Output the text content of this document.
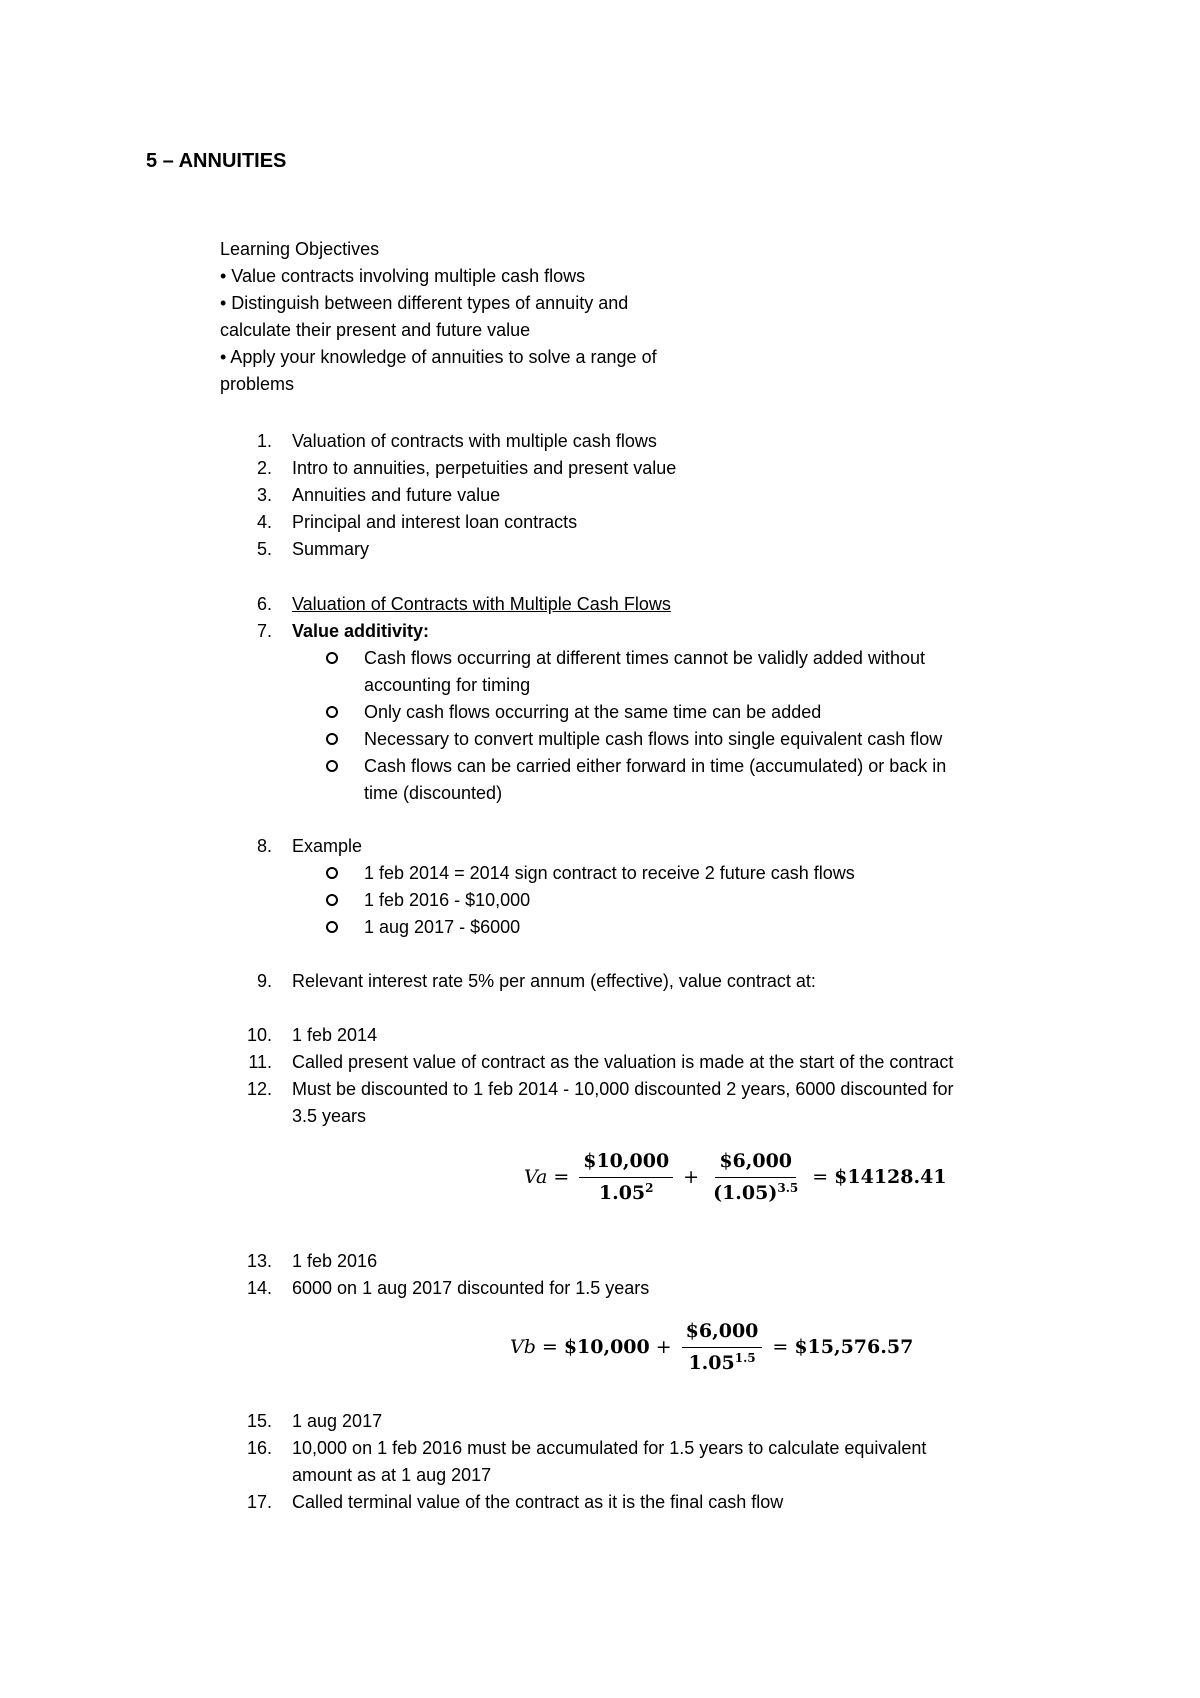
5 – ANNUITIES
Learning Objectives
• Value contracts involving multiple cash flows
• Distinguish between different types of annuity and
calculate their present and future value
• Apply your knowledge of annuities to solve a range of
problems
1. Valuation of contracts with multiple cash flows
2. Intro to annuities, perpetuities and present value
3. Annuities and future value
4. Principal and interest loan contracts
5. Summary
6. Valuation of Contracts with Multiple Cash Flows
7. Value additivity:
Cash flows occurring at different times cannot be validly added without
accounting for timing
Only cash flows occurring at the same time can be added
Necessary to convert multiple cash flows into single equivalent cash flow
Cash flows can be carried either forward in time (accumulated) or back in
time (discounted)
8. Example
1 feb 2014 = 2014 sign contract to receive 2 future cash flows
1 feb 2016 - $10,000
1 aug 2017 - $6000
9. Relevant interest rate 5% per annum (effective), value contract at:
10. 1 feb 2014
11. Called present value of contract as the valuation is made at the start of the contract
12. Must be discounted to 1 feb 2014 - 10,000 discounted 2 years, 6000 discounted for
3.5 years
$Va = \frac{\$10,000}{1.05^2} + \frac{\$6,000}{(1.05)^{3.5}}$ = $14128.41
13. 1 feb 2016
14. 6000 on 1 aug 2017 discounted for 1.5 years
Vb = $10,000 + $\frac{\$6,000}{1.05^{1.5}}$ = $15,576.57
15. 1 aug 2017
16. 10,000 on 1 feb 2016 must be accumulated for 1.5 years to calculate equivalent
amount as at 1 aug 2017
17. Called terminal value of the contract as it is the final cash flow
